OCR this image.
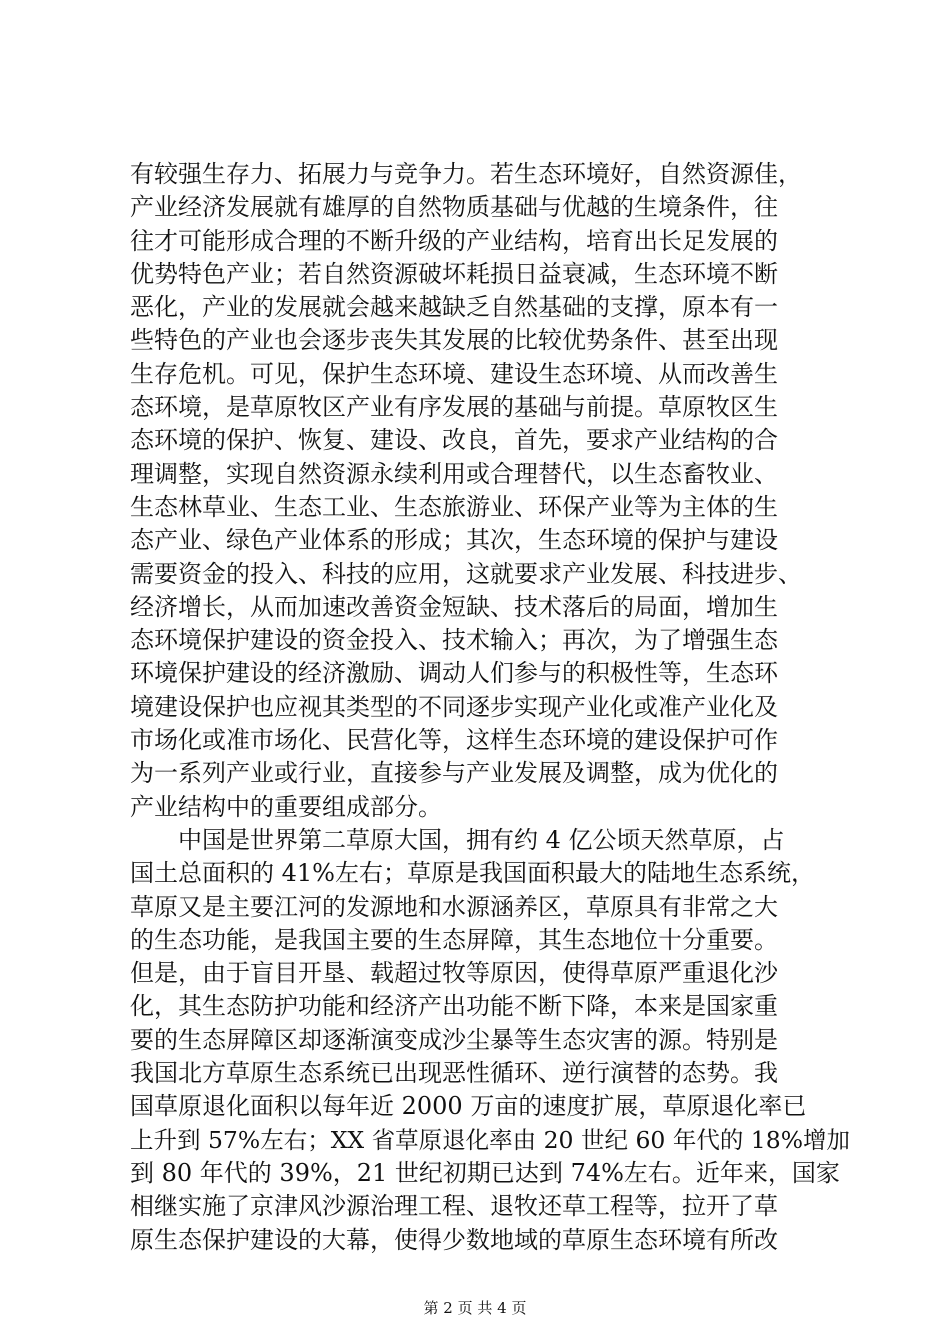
有较强生存力、拓展力与竞争力。若生态环境好，自然资源佳，
产业经济发展就有雄厚的自然物质基础与优越的生境条件，往
往才可能形成合理的不断升级的产业结构，培育出长足发展的
优势特色产业；若自然资源破坏耗损日益衰减，生态环境不断
恶化，产业的发展就会越来越缺乏自然基础的支撑，原本有一
些特色的产业也会逐步丧失其发展的比较优势条件、甚至出现
生存危机。可见，保护生态环境、建设生态环境、从而改善生
态环境，是草原牧区产业有序发展的基础与前提。草原牧区生
态环境的保护、恢复、建设、改良，首先，要求产业结构的合
理调整，实现自然资源永续利用或合理替代，以生态畜牧业、
生态林草业、生态工业、生态旅游业、环保产业等为主体的生
态产业、绿色产业体系的形成；其次，生态环境的保护与建设
需要资金的投入、科技的应用，这就要求产业发展、科技进步、
经济增长，从而加速改善资金短缺、技术落后的局面，增加生
态环境保护建设的资金投入、技术输入；再次，为了增强生态
环境保护建设的经济激励、调动人们参与的积极性等，生态环
境建设保护也应视其类型的不同逐步实现产业化或准产业化及
市场化或准市场化、民营化等，这样生态环境的建设保护可作
为一系列产业或行业，直接参与产业发展及调整，成为优化的
产业结构中的重要组成部分。
　　中国是世界第二草原大国，拥有约 4 亿公顷天然草原，占
国土总面积的 41%左右；草原是我国面积最大的陆地生态系统，
草原又是主要江河的发源地和水源涵养区，草原具有非常之大
的生态功能，是我国主要的生态屏障，其生态地位十分重要。
但是，由于盲目开垦、载超过牧等原因，使得草原严重退化沙
化，其生态防护功能和经济产出功能不断下降，本来是国家重
要的生态屏障区却逐渐演变成沙尘暴等生态灾害的源。特别是
我国北方草原生态系统已出现恶性循环、逆行演替的态势。我
国草原退化面积以每年近 2000 万亩的速度扩展，草原退化率已
上升到 57%左右；XX 省草原退化率由 20 世纪 60 年代的 18%增加
到 80 年代的 39%，21 世纪初期已达到 74%左右。近年来，国家
相继实施了京津风沙源治理工程、退牧还草工程等，拉开了草
原生态保护建设的大幕，使得少数地域的草原生态环境有所改
第 2 页 共 4 页
